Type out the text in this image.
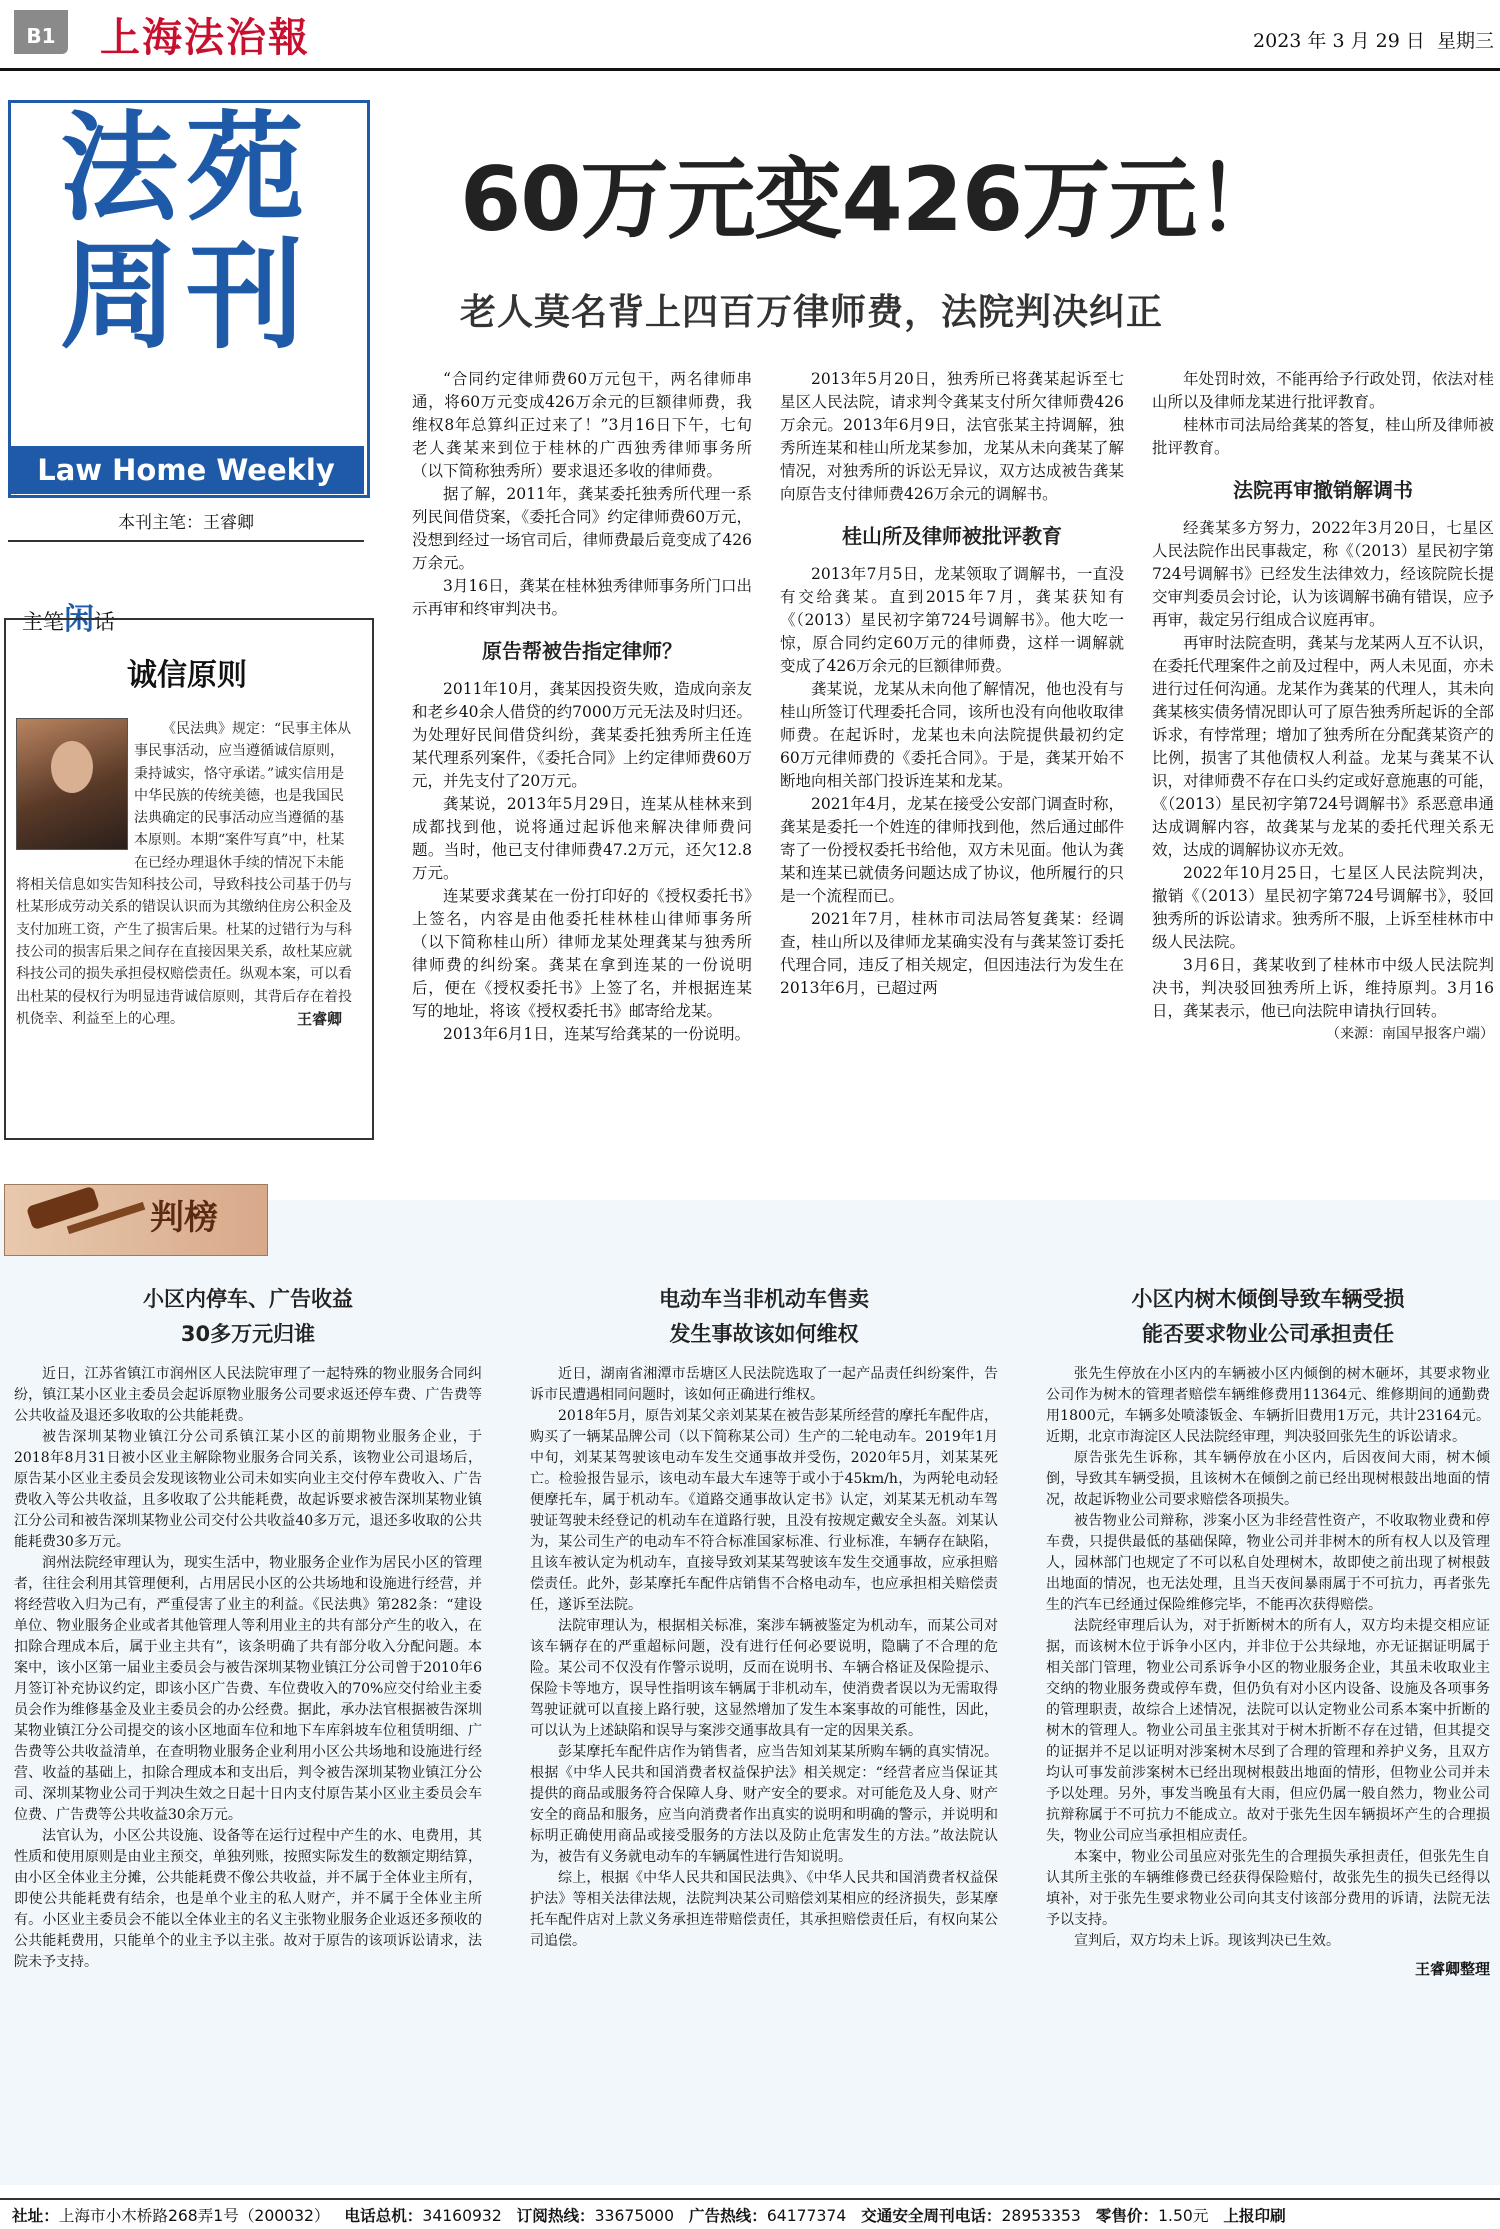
B1	上海法治報	2023 年 3 月 29 日 星期三
法苑周刊
Law Home Weekly
本刊主笔：王睿卿
主笔闲话
诚信原则
《民法典》规定：“民事主体从事民事活动，应当遵循诚信原则，秉持诚实，恪守承诺。”诚实信用是中华民族的传统美德，也是我国民法典确定的民事活动应当遵循的基本原则。本期“案件写真”中，杜某在已经办理退休手续的情况下未能将相关信息如实告知科技公司，导致科技公司基于仍与杜某形成劳动关系的错误认识而为其缴纳住房公积金及支付加班工资，产生了损害后果。杜某的过错行为与科技公司的损害后果之间存在直接因果关系，故杜某应就科技公司的损失承担侵权赔偿责任。纵观本案，可以看出杜某的侵权行为明显违背诚信原则，其背后存在着投机侥幸、利益至上的心理。	王睿卿
60万元变426万元！
老人莫名背上四百万律师费，法院判决纠正

“合同约定律师费60万元包干，两名律师串通，将60万元变成426万余元的巨额律师费，我维权8年总算纠正过来了！”3月16日下午，七旬老人龚某来到位于桂林的广西独秀律师事务所（以下简称独秀所）要求退还多收的律师费。

据了解，2011年，龚某委托独秀所代理一系列民间借贷案，《委托合同》约定律师费60万元，没想到经过一场官司后，律师费最后竟变成了426万余元。

3月16日，龚某在桂林独秀律师事务所门口出示再审和终审判决书。

原告帮被告指定律师？

2011年10月，龚某因投资失败，造成向亲友和老乡40余人借贷的约7000万元无法及时归还。为处理好民间借贷纠纷，龚某委托独秀所主任连某代理系列案件，《委托合同》上约定律师费60万元，并先支付了20万元。

龚某说，2013年5月29日，连某从桂林来到成都找到他，说将通过起诉他来解决律师费问题。当时，他已支付律师费47.2万元，还欠12.8万元。

连某要求龚某在一份打印好的《授权委托书》上签名，内容是由他委托桂林桂山律师事务所（以下简称桂山所）律师龙某处理龚某与独秀所律师费的纠纷案。龚某在拿到连某的一份说明后，便在《授权委托书》上签了名，并根据连某写的地址，将该《授权委托书》邮寄给龙某。

2013年6月1日，连某写给龚某的一份说明。

2013年5月20日，独秀所已将龚某起诉至七星区人民法院，请求判令龚某支付所欠律师费426万余元。2013年6月9日，法官张某主持调解，独秀所连某和桂山所龙某参加，龙某从未向龚某了解情况，对独秀所的诉讼无异议，双方达成被告龚某向原告支付律师费426万余元的调解书。

桂山所及律师被批评教育

2013年7月5日，龙某领取了调解书，一直没有交给龚某。直到2015年7月，龚某获知有《（2013）星民初字第724号调解书》。他大吃一惊，原合同约定60万元的律师费，这样一调解就变成了426万余元的巨额律师费。

龚某说，龙某从未向他了解情况，他也没有与桂山所签订代理委托合同，该所也没有向他收取律师费。在起诉时，龙某也未向法院提供最初约定60万元律师费的《委托合同》。于是，龚某开始不断地向相关部门投诉连某和龙某。

2021年4月，龙某在接受公安部门调查时称，龚某是委托一个姓连的律师找到他，然后通过邮件寄了一份授权委托书给他，双方未见面。他认为龚某和连某已就债务问题达成了协议，他所履行的只是一个流程而已。

2021年7月，桂林市司法局答复龚某：经调查，桂山所以及律师龙某确实没有与龚某签订委托代理合同，违反了相关规定，但因违法行为发生在2013年6月，已超过两

年处罚时效，不能再给予行政处罚，依法对桂山所以及律师龙某进行批评教育。

桂林市司法局给龚某的答复，桂山所及律师被批评教育。

法院再审撤销解调书

经龚某多方努力，2022年3月20日，七星区人民法院作出民事裁定，称《（2013）星民初字第724号调解书》已经发生法律效力，经该院院长提交审判委员会讨论，认为该调解书确有错误，应予再审，裁定另行组成合议庭再审。

再审时法院查明，龚某与龙某两人互不认识，在委托代理案件之前及过程中，两人未见面，亦未进行过任何沟通。龙某作为龚某的代理人，其未向龚某核实债务情况即认可了原告独秀所起诉的全部诉求，有悖常理；增加了独秀所在分配龚某资产的比例，损害了其他债权人利益。龙某与龚某不认识，对律师费不存在口头约定或好意施惠的可能，《（2013）星民初字第724号调解书》系恶意串通达成调解内容，故龚某与龙某的委托代理关系无效，达成的调解协议亦无效。

2022年10月25日，七星区人民法院判决，撤销《（2013）星民初字第724号调解书》，驳回独秀所的诉讼请求。独秀所不服，上诉至桂林市中级人民法院。

3月6日，龚某收到了桂林市中级人民法院判决书，判决驳回独秀所上诉，维持原判。3月16日，龚某表示，他已向法院申请执行回转。

（来源：南国早报客户端）

判榜
小区内停车、广告收益
30多万元归谁

近日，江苏省镇江市润州区人民法院审理了一起特殊的物业服务合同纠纷，镇江某小区业主委员会起诉原物业服务公司要求返还停车费、广告费等公共收益及退还多收取的公共能耗费。

被告深圳某物业镇江分公司系镇江某小区的前期物业服务企业，于2018年8月31日被小区业主解除物业服务合同关系，该物业公司退场后，原告某小区业主委员会发现该物业公司未如实向业主交付停车费收入、广告费收入等公共收益，且多收取了公共能耗费，故起诉要求被告深圳某物业镇江分公司和被告深圳某物业公司交付公共收益40多万元，退还多收取的公共能耗费30多万元。

润州法院经审理认为，现实生活中，物业服务企业作为居民小区的管理者，往往会利用其管理便利，占用居民小区的公共场地和设施进行经营，并将经营收入归为己有，严重侵害了业主的利益。《民法典》第282条：“建设单位、物业服务企业或者其他管理人等利用业主的共有部分产生的收入，在扣除合理成本后，属于业主共有”，该条明确了共有部分收入分配问题。本案中，该小区第一届业主委员会与被告深圳某物业镇江分公司曾于2010年6月签订补充协议约定，即该小区广告费、车位费收入的70%应交付给业主委员会作为维修基金及业主委员会的办公经费。据此，承办法官根据被告深圳某物业镇江分公司提交的该小区地面车位和地下车库斜坡车位租赁明细、广告费等公共收益清单，在查明物业服务企业利用小区公共场地和设施进行经营、收益的基础上，扣除合理成本和支出后，判令被告深圳某物业镇江分公司、深圳某物业公司于判决生效之日起十日内支付原告某小区业主委员会车位费、广告费等公共收益30余万元。

法官认为，小区公共设施、设备等在运行过程中产生的水、电费用，其性质和使用原则是由业主预交，单独列账，按照实际发生的数额定期结算，由小区全体业主分摊，公共能耗费不像公共收益，并不属于全体业主所有，即使公共能耗费有结余，也是单个业主的私人财产，并不属于全体业主所有。小区业主委员会不能以全体业主的名义主张物业服务企业返还多预收的公共能耗费用，只能单个的业主予以主张。故对于原告的该项诉讼请求，法院未予支持。

电动车当非机动车售卖
发生事故该如何维权

近日，湖南省湘潭市岳塘区人民法院选取了一起产品责任纠纷案件，告诉市民遭遇相同问题时，该如何正确进行维权。

2018年5月，原告刘某父亲刘某某在被告彭某所经营的摩托车配件店，购买了一辆某品牌公司（以下简称某公司）生产的二轮电动车。2019年1月中旬，刘某某驾驶该电动车发生交通事故并受伤，2020年5月，刘某某死亡。检验报告显示，该电动车最大车速等于或小于45km/h，为两轮电动轻便摩托车，属于机动车。《道路交通事故认定书》认定，刘某某无机动车驾驶证驾驶未经登记的机动车在道路行驶，且没有按规定戴安全头盔。刘某认为，某公司生产的电动车不符合标准国家标准、行业标准，车辆存在缺陷，且该车被认定为机动车，直接导致刘某某驾驶该车发生交通事故，应承担赔偿责任。此外，彭某摩托车配件店销售不合格电动车，也应承担相关赔偿责任，遂诉至法院。

法院审理认为，根据相关标准，案涉车辆被鉴定为机动车，而某公司对该车辆存在的严重超标问题，没有进行任何必要说明，隐瞒了不合理的危险。某公司不仅没有作警示说明，反而在说明书、车辆合格证及保险提示、保险卡等地方，误导性指明该车辆属于非机动车，使消费者误以为无需取得驾驶证就可以直接上路行驶，这显然增加了发生本案事故的可能性，因此，可以认为上述缺陷和误导与案涉交通事故具有一定的因果关系。

彭某摩托车配件店作为销售者，应当告知刘某某所购车辆的真实情况。根据《中华人民共和国消费者权益保护法》相关规定：“经营者应当保证其提供的商品或服务符合保障人身、财产安全的要求。对可能危及人身、财产安全的商品和服务，应当向消费者作出真实的说明和明确的警示，并说明和标明正确使用商品或接受服务的方法以及防止危害发生的方法。”故法院认为，被告有义务就电动车的车辆属性进行告知说明。

综上，根据《中华人民共和国民法典》、《中华人民共和国消费者权益保护法》等相关法律法规，法院判决某公司赔偿刘某相应的经济损失，彭某摩托车配件店对上款义务承担连带赔偿责任，其承担赔偿责任后，有权向某公司追偿。

小区内树木倾倒导致车辆受损
能否要求物业公司承担责任

张先生停放在小区内的车辆被小区内倾倒的树木砸坏，其要求物业公司作为树木的管理者赔偿车辆维修费用11364元、维修期间的通勤费用1800元，车辆多处喷漆钣金、车辆折旧费用1万元，共计23164元。近期，北京市海淀区人民法院经审理，判决驳回张先生的诉讼请求。

原告张先生诉称，其车辆停放在小区内，后因夜间大雨，树木倾倒，导致其车辆受损，且该树木在倾倒之前已经出现树根鼓出地面的情况，故起诉物业公司要求赔偿各项损失。

被告物业公司辩称，涉案小区为非经营性资产，不收取物业费和停车费，只提供最低的基础保障，物业公司并非树木的所有权人以及管理人，园林部门也规定了不可以私自处理树木，故即使之前出现了树根鼓出地面的情况，也无法处理，且当天夜间暴雨属于不可抗力，再者张先生的汽车已经通过保险维修完毕，不能再次获得赔偿。

法院经审理后认为，对于折断树木的所有人，双方均未提交相应证据，而该树木位于诉争小区内，并非位于公共绿地，亦无证据证明属于相关部门管理，物业公司系诉争小区的物业服务企业，其虽未收取业主交纳的物业服务费或停车费，但仍负有对小区内设备、设施及各项事务的管理职责，故综合上述情况，法院可以认定物业公司系本案中折断的树木的管理人。物业公司虽主张其对于树木折断不存在过错，但其提交的证据并不足以证明对涉案树木尽到了合理的管理和养护义务，且双方均认可事发前涉案树木已经出现树根鼓出地面的情形，但物业公司并未予以处理。另外，事发当晚虽有大雨，但应仍属一般自然力，物业公司抗辩称属于不可抗力不能成立。故对于张先生因车辆损坏产生的合理损失，物业公司应当承担相应责任。

本案中，物业公司虽应对张先生的合理损失承担责任，但张先生自认其所主张的车辆维修费已经获得保险赔付，故张先生的损失已经得以填补，对于张先生要求物业公司向其支付该部分费用的诉请，法院无法予以支持。

宣判后，双方均未上诉。现该判决已生效。

王睿卿整理

社址：上海市小木桥路268弄1号（200032） 电话总机：34160932 订阅热线：33675000 广告热线：64177374 交通安全周刊电话：28953353 零售价：1.50元 上报印刷
